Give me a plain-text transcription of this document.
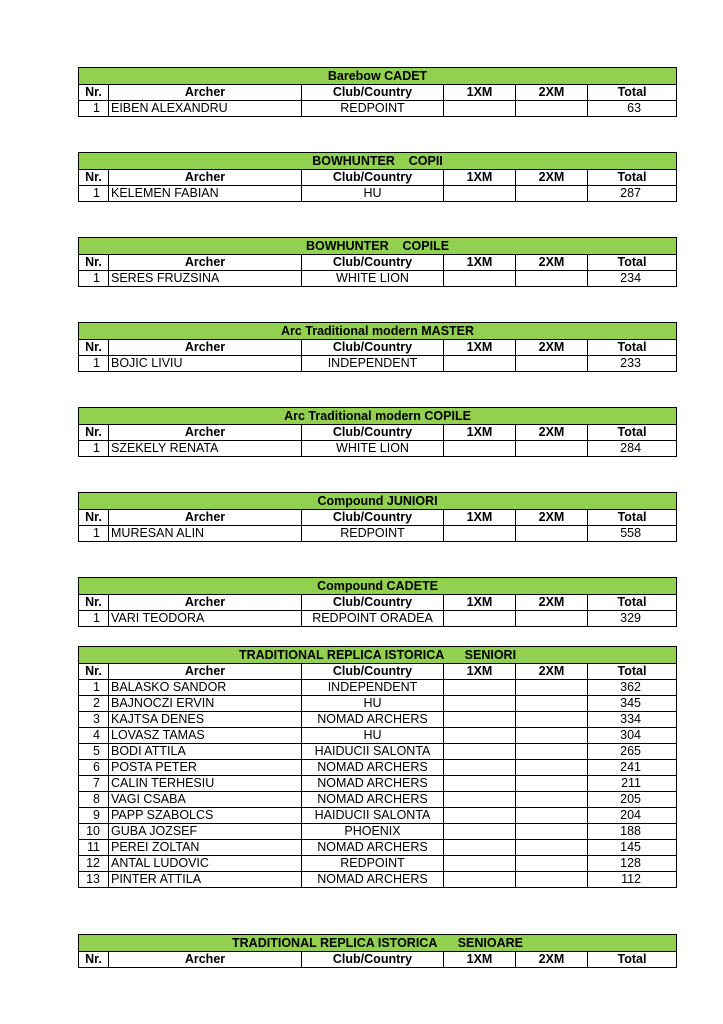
Barebow CADET					
Nr.	Archer	Club/Country	1XM	2XM	Total
1	EIBEN ALEXANDRU	REDPOINT			63
BOWHUNTER    COPII					
Nr.	Archer	Club/Country	1XM	2XM	Total
1	KELEMEN FABIAN	HU			287
BOWHUNTER    COPILE					
Nr.	Archer	Club/Country	1XM	2XM	Total
1	SERES FRUZSINA	WHITE LION			234
Arc Traditional modern MASTER					
Nr.	Archer	Club/Country	1XM	2XM	Total
1	BOJIC LIVIU	INDEPENDENT			233
Arc Traditional modern COPILE					
Nr.	Archer	Club/Country	1XM	2XM	Total
1	SZEKELY RENATA	WHITE LION			284
Compound JUNIORI					
Nr.	Archer	Club/Country	1XM	2XM	Total
1	MURESAN ALIN	REDPOINT			558
Compound CADETE					
Nr.	Archer	Club/Country	1XM	2XM	Total
1	VARI TEODORA	REDPOINT ORADEA			329
TRADITIONAL REPLICA ISTORICA      SENIORI					
Nr.	Archer	Club/Country	1XM	2XM	Total
1	BALASKO SANDOR	INDEPENDENT			362
2	BAJNOCZI ERVIN	HU			345
3	KAJTSA DENES	NOMAD ARCHERS			334
4	LOVASZ TAMAS	HU			304
5	BODI ATTILA	HAIDUCII SALONTA			265
6	POSTA PETER	NOMAD ARCHERS			241
7	CALIN TERHESIU	NOMAD ARCHERS			211
8	VAGI CSABA	NOMAD ARCHERS			205
9	PAPP SZABOLCS	HAIDUCII SALONTA			204
10	GUBA JOZSEF	PHOENIX			188
11	PEREI ZOLTAN	NOMAD ARCHERS			145
12	ANTAL LUDOVIC	REDPOINT			128
13	PINTER ATTILA	NOMAD ARCHERS			112
TRADITIONAL REPLICA ISTORICA      SENIOARE
Nr.	Archer	Club/Country	1XM	2XM	Total
